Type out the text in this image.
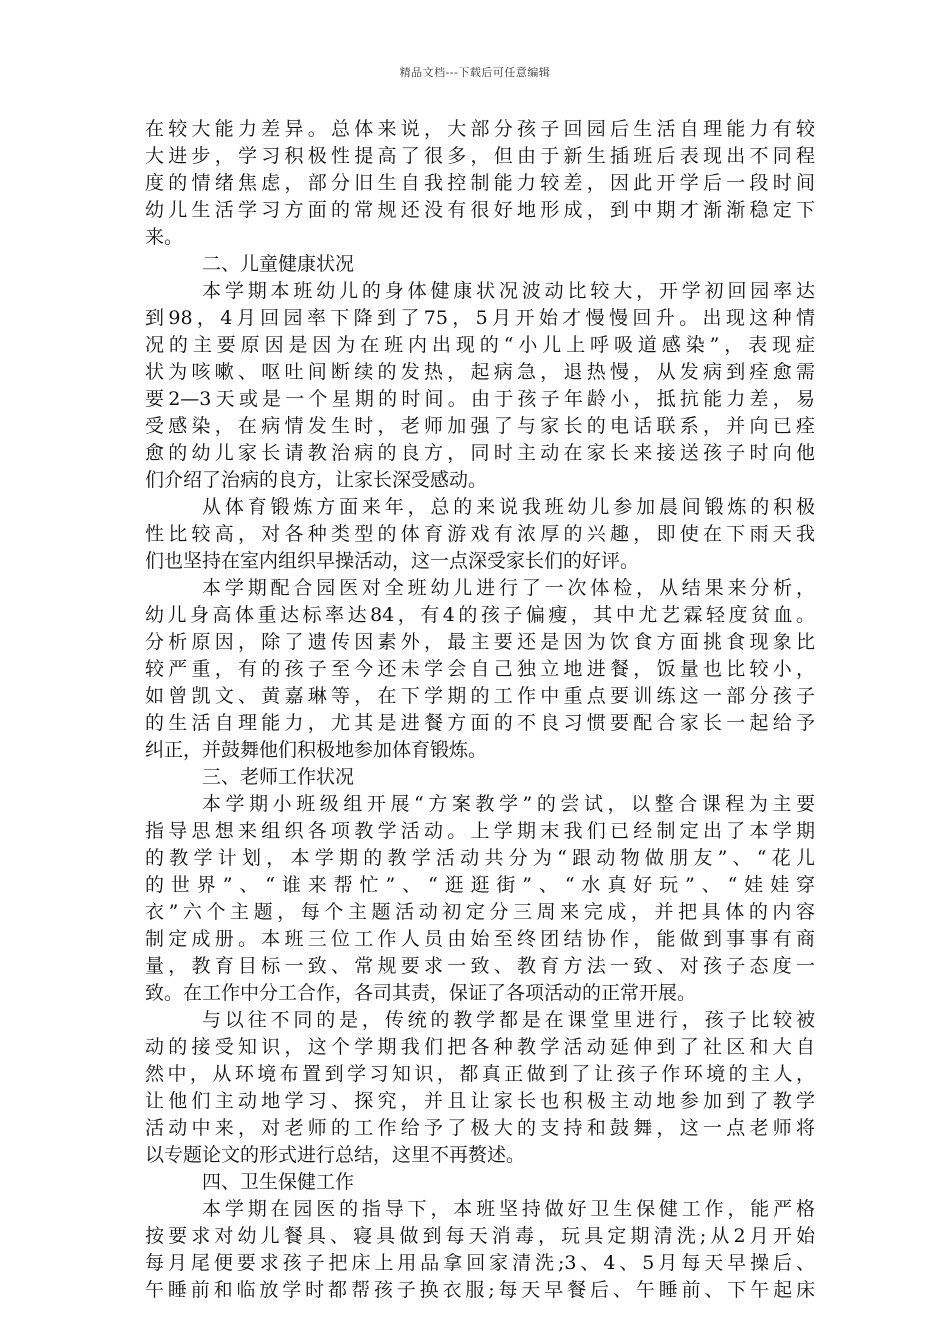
精品文档---下载后可任意编辑
在较大能力差异。总体来说，大部分孩子回园后生活自理能力有较
大进步，学习积极性提高了很多，但由于新生插班后表现出不同程
度的情绪焦虑，部分旧生自我控制能力较差，因此开学后一段时间
幼儿生活学习方面的常规还没有很好地形成，到中期才渐渐稳定下
来。
二、儿童健康状况
本学期本班幼儿的身体健康状况波动比较大，开学初回园率达
到98，4月回园率下降到了75，5月开始才慢慢回升。出现这种情
况的主要原因是因为在班内出现的“小儿上呼吸道感染”，表现症
状为咳嗽、呕吐间断续的发热，起病急，退热慢，从发病到痊愈需
要2—3天或是一个星期的时间。由于孩子年龄小，抵抗能力差，易
受感染，在病情发生时，老师加强了与家长的电话联系，并向已痊
愈的幼儿家长请教治病的良方，同时主动在家长来接送孩子时向他
们介绍了治病的良方，让家长深受感动。
从体育锻炼方面来年，总的来说我班幼儿参加晨间锻炼的积极
性比较高，对各种类型的体育游戏有浓厚的兴趣，即使在下雨天我
们也坚持在室内组织早操活动，这一点深受家长们的好评。
本学期配合园医对全班幼儿进行了一次体检，从结果来分析，
幼儿身高体重达标率达84，有4的孩子偏瘦，其中尤艺霖轻度贫血。
分析原因，除了遗传因素外，最主要还是因为饮食方面挑食现象比
较严重，有的孩子至今还未学会自己独立地进餐，饭量也比较小，
如曾凯文、黄嘉琳等，在下学期的工作中重点要训练这一部分孩子
的生活自理能力，尤其是进餐方面的不良习惯要配合家长一起给予
纠正，并鼓舞他们积极地参加体育锻炼。
三、老师工作状况
本学期小班级组开展“方案教学”的尝试，以整合课程为主要
指导思想来组织各项教学活动。上学期末我们已经制定出了本学期
的教学计划，本学期的教学活动共分为“跟动物做朋友”、“花儿
的世界”、“谁来帮忙”、“逛逛街”、“水真好玩”、“娃娃穿
衣”六个主题，每个主题活动初定分三周来完成，并把具体的内容
制定成册。本班三位工作人员由始至终团结协作，能做到事事有商
量，教育目标一致、常规要求一致、教育方法一致、对孩子态度一
致。在工作中分工合作，各司其责，保证了各项活动的正常开展。
与以往不同的是，传统的教学都是在课堂里进行，孩子比较被
动的接受知识，这个学期我们把各种教学活动延伸到了社区和大自
然中，从环境布置到学习知识，都真正做到了让孩子作环境的主人，
让他们主动地学习、探究，并且让家长也积极主动地参加到了教学
活动中来，对老师的工作给予了极大的支持和鼓舞，这一点老师将
以专题论文的形式进行总结，这里不再赘述。
四、卫生保健工作
本学期在园医的指导下，本班坚持做好卫生保健工作，能严格
按要求对幼儿餐具、寝具做到每天消毒，玩具定期清洗;从2月开始
每月尾便要求孩子把床上用品拿回家清洗;3、4、5月每天早操后、
午睡前和临放学时都帮孩子换衣服;每天早餐后、午睡前、下午起床
